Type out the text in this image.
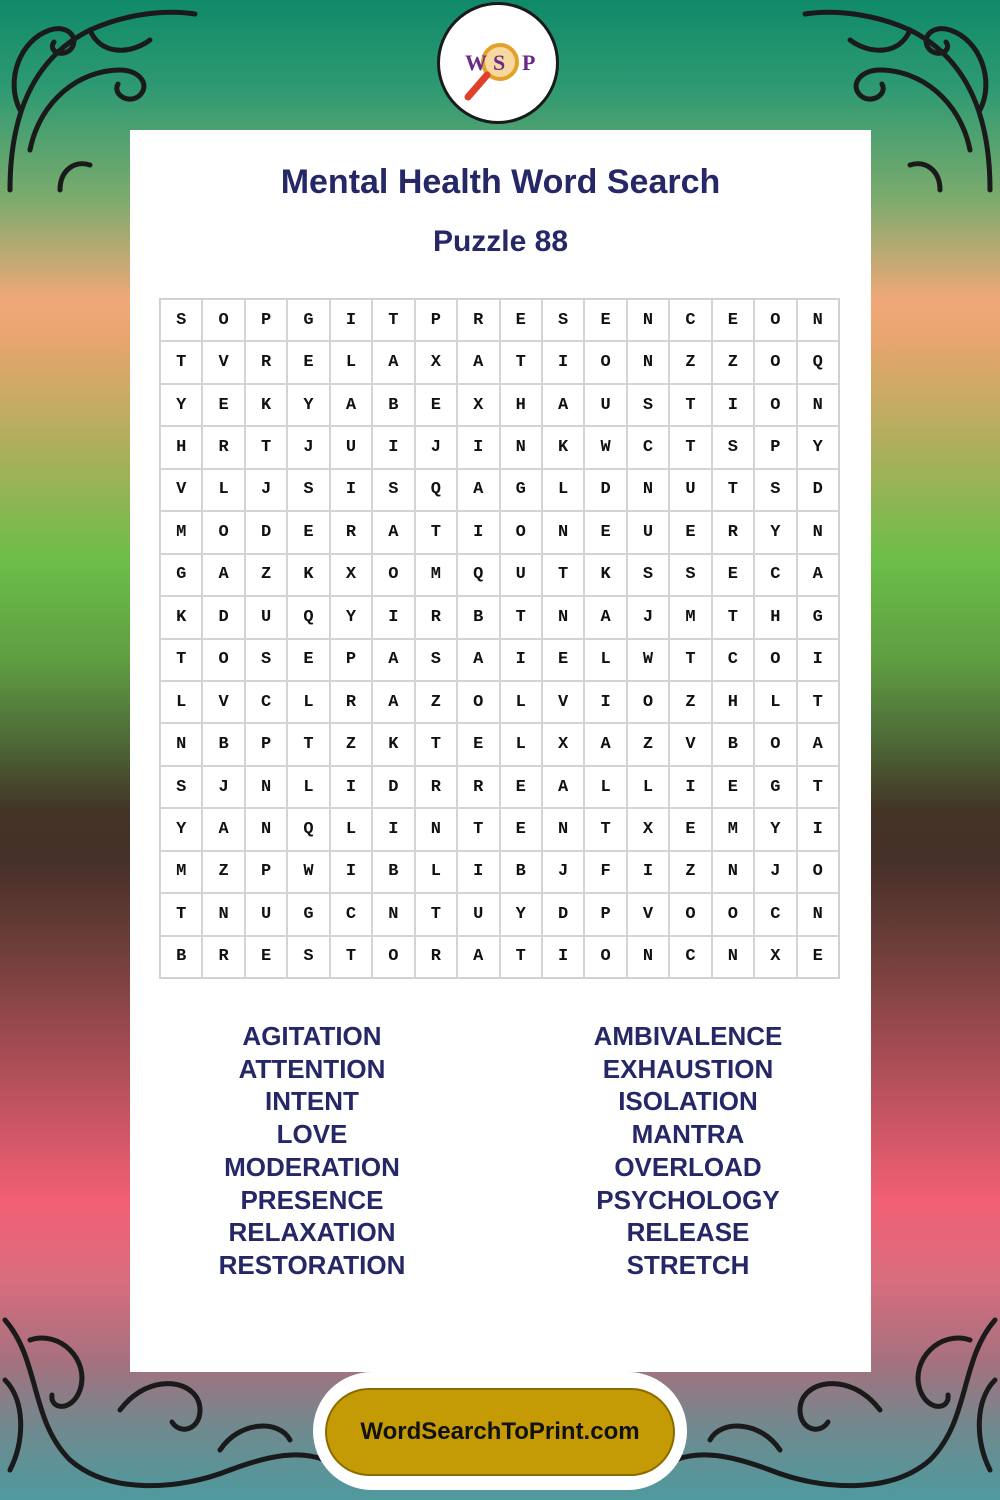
W S P
Mental Health Word Search
Puzzle 88
S	O	P	G	I	T	P	R	E	S	E	N	C	E	O	N
T	V	R	E	L	A	X	A	T	I	O	N	Z	Z	O	Q
Y	E	K	Y	A	B	E	X	H	A	U	S	T	I	O	N
H	R	T	J	U	I	J	I	N	K	W	C	T	S	P	Y
V	L	J	S	I	S	Q	A	G	L	D	N	U	T	S	D
M	O	D	E	R	A	T	I	O	N	E	U	E	R	Y	N
G	A	Z	K	X	O	M	Q	U	T	K	S	S	E	C	A
K	D	U	Q	Y	I	R	B	T	N	A	J	M	T	H	G
T	O	S	E	P	A	S	A	I	E	L	W	T	C	O	I
L	V	C	L	R	A	Z	O	L	V	I	O	Z	H	L	T
N	B	P	T	Z	K	T	E	L	X	A	Z	V	B	O	A
S	J	N	L	I	D	R	R	E	A	L	L	I	E	G	T
Y	A	N	Q	L	I	N	T	E	N	T	X	E	M	Y	I
M	Z	P	W	I	B	L	I	B	J	F	I	Z	N	J	O
T	N	U	G	C	N	T	U	Y	D	P	V	O	O	C	N
B	R	E	S	T	O	R	A	T	I	O	N	C	N	X	E
AGITATION
ATTENTION
INTENT
LOVE
MODERATION
PRESENCE
RELAXATION
RESTORATION
AMBIVALENCE
EXHAUSTION
ISOLATION
MANTRA
OVERLOAD
PSYCHOLOGY
RELEASE
STRETCH
WordSearchToPrint.com
